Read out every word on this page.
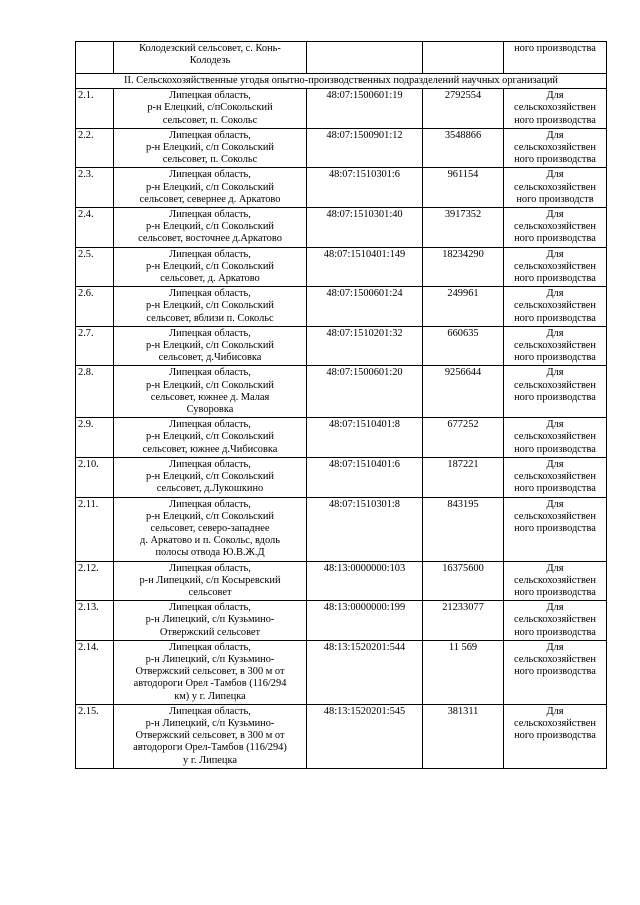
	Колодезский сельсовет, с. Конь-
Колодезь			ного производства

II. Сельскохозяйственные угодья опытно-производственных подразделений научных организаций				
2.1.	Липецкая область,
р-н Елецкий, с/пСокольский
сельсовет, п. Сокольс	48:07:1500601:19	2792554	Для
сельскохозяйствен
ного производства

2.2.	Липецкая область,
р-н Елецкий, с/п Сокольский
сельсовет, п. Сокольс	48:07:1500901:12	3548866	Для
сельскохозяйствен
ного производства

2.3.	Липецкая область,
р-н Елецкий, с/п Сокольский
сельсовет, севернее д. Аркатово	48:07:1510301:6	961154	Для
сельскохозяйствен
ного производств

2.4.	Липецкая область,
р-н Елецкий, с/п Сокольский
сельсовет, восточнее д.Аркатово	48:07:1510301:40	3917352	Для
сельскохозяйствен
ного производства

2.5.	Липецкая область,
р-н Елецкий, с/п Сокольский
сельсовет, д. Аркатово	48:07:1510401:149	18234290	Для
сельскохозяйствен
ного производства

2.6.	Липецкая область,
р-н Елецкий, с/п Сокольский
сельсовет, вблизи п. Сокольс	48:07:1500601:24	249961	Для
сельскохозяйствен
ного производства

2.7.	Липецкая область,
р-н Елецкий, с/п Сокольский
сельсовет, д.Чибисовка	48:07:1510201:32	660635	Для
сельскохозяйствен
ного производства

2.8.	Липецкая область,
р-н Елецкий, с/п Сокольский
сельсовет, южнее д. Малая
Суворовка	48:07:1500601:20	9256644	Для
сельскохозяйствен
ного производства

2.9.	Липецкая область,
р-н Елецкий, с/п Сокольский
сельсовет, южнее д.Чибисовка	48:07:1510401:8	677252	Для
сельскохозяйствен
ного производства

2.10.	Липецкая область,
р-н Елецкий, с/п Сокольский
сельсовет, д.Лукошкино	48:07:1510401:6	187221	Для
сельскохозяйствен
ного производства

2.11.	Липецкая область,
р-н Елецкий, с/п Сокольский
сельсовет, северо-западнее
д. Аркатово и п. Сокольс, вдоль
полосы отвода Ю.В.Ж.Д	48:07:1510301:8	843195	Для
сельскохозяйствен
ного производства

2.12.	Липецкая область,
р-н Липецкий, с/п Косыревский
сельсовет	48:13:0000000:103	16375600	Для
сельскохозяйствен
ного производства

2.13.	Липецкая область,
р-н Липецкий, с/п Кузьмино-
Отвержский сельсовет	48:13:0000000:199	21233077	Для
сельскохозяйствен
ного производства

2.14.	Липецкая область,
р-н Липецкий, с/п Кузьмино-
Отвержский сельсовет, в 300 м от
автодороги Орел -Тамбов (116/294
км) у г. Липецка	48:13:1520201:544	11 569	Для
сельскохозяйствен
ного производства

2.15.	Липецкая область,
р-н Липецкий, с/п Кузьмино-
Отвержский сельсовет, в 300 м от
автодороги Орел-Тамбов (116/294)
у г. Липецка	48:13:1520201:545	381311	Для
сельскохозяйствен
ного производства
